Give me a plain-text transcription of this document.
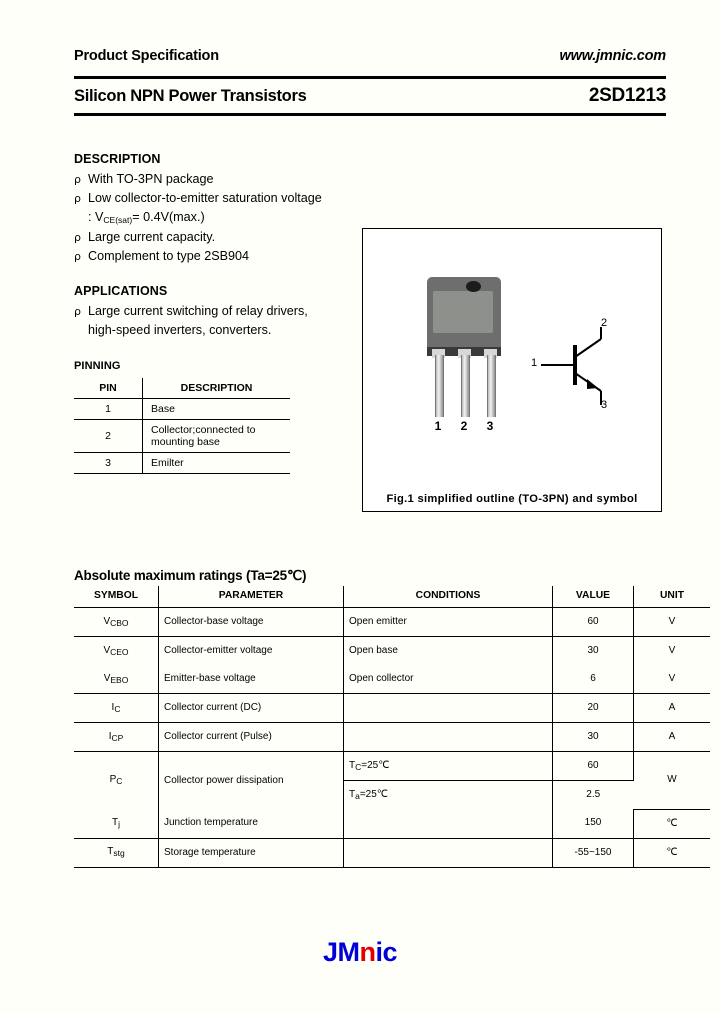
Product Specification	www.jmnic.com
Silicon NPN Power Transistors	2SD1213
DESCRIPTION
ρ With TO-3PN package
ρ Low collector-to-emitter saturation voltage
: $V_{CE(sat)}= 0.4V(\max.)$
ρ Large current capacity.
ρ Complement to type 2SB904
APPLICATIONS
ρ Large current switching of relay drivers,
high-speed inverters, converters.
PINNING
PIN	DESCRIPTION
1	Base
2	Collector;connected to mounting base
3	Emilter
1	2	3
1
2
3
Fig.1 simplified outline (TO-3PN) and symbol
Absolute maximum ratings (Ta=25℃)
SYMBOL	PARAMETER	CONDITIONS	VALUE	UNIT
$V_{CBO}$	Collector-base voltage	Open emitter	60	V
$V_{CEO}$	Collector-emitter voltage	Open base	30	V
$V_{EBO}$	Emitter-base voltage	Open collector	6	V
$I_C$	Collector current (DC)		20	A
$I_{CP}$	Collector current (Pulse)		30	A
$P_C$	Collector power dissipation	$T_C=25℃$	60	W
		$T_a=25℃$	2.5	
$T_j$	Junction temperature		150	℃
$T_{stg}$	Storage temperature		-55~150	℃
JMnic
